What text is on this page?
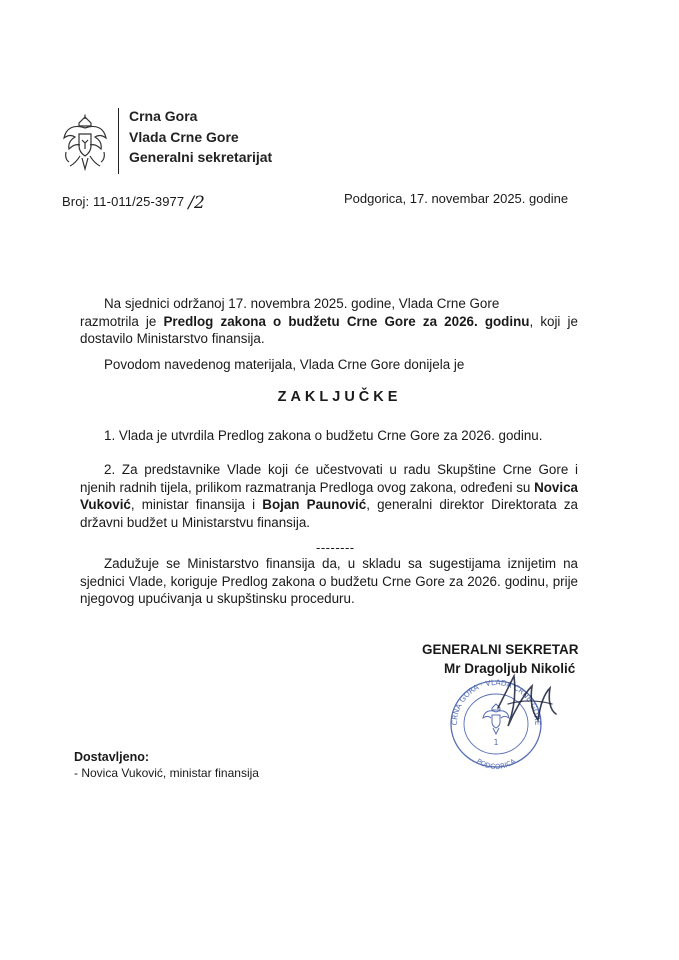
Crna Gora
Vlada Crne Gore
Generalni sekretarijat
Broj: 11-011/25-3977 /2	Podgorica, 17. novembar 2025. godine
Na sjednici održanoj 17. novembra 2025. godine, Vlada Crne Gore
razmotrila je Predlog zakona o budžetu Crne Gore za 2026. godinu, koji je dostavilo Ministarstvo finansija.
Povodom navedenog materijala, Vlada Crne Gore donijela je
ZAKLJUČKE
1. Vlada je utvrdila Predlog zakona o budžetu Crne Gore za 2026. godinu.
2. Za predstavnike Vlade koji će učestvovati u radu Skupštine Crne Gore i njenih radnih tijela, prilikom razmatranja Predloga ovog zakona, određeni su Novica Vuković, ministar finansija i Bojan Paunović, generalni direktor Direktorata za državni budžet u Ministarstvu finansija.
--------
Zadužuje se Ministarstvo finansija da, u skladu sa sugestijama iznijetim na sjednici Vlade, koriguje Predlog zakona o budžetu Crne Gore za 2026. godinu, prije njegovog upućivanja u skupštinsku proceduru.
GENERALNI SEKRETAR
Mr Dragoljub Nikolić
CRNA GORA · VLADA CRNE GORE
PODGORICA
1
Dostavljeno:
- Novica Vuković, ministar finansija
